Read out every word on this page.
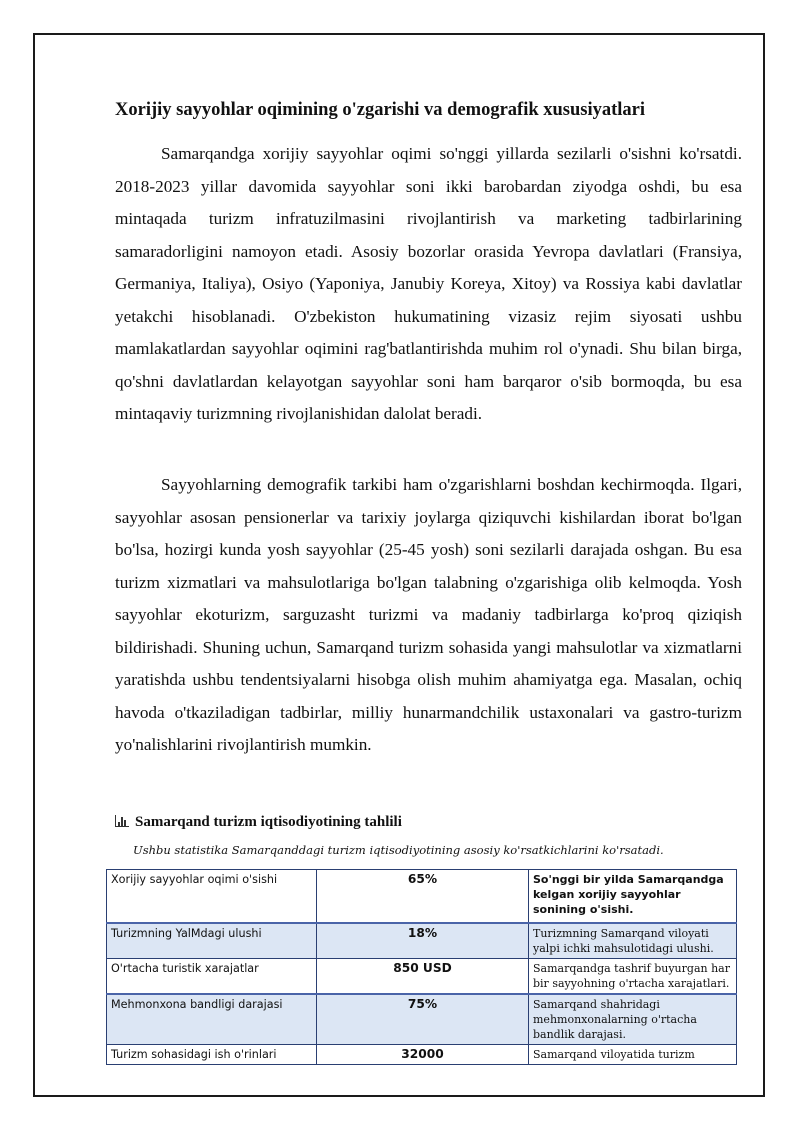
Xorijiy sayyohlar oqimining o'zgarishi va demografik xususiyatlari

Samarqandga xorijiy sayyohlar oqimi so'nggi yillarda sezilarli o'sishni ko'rsatdi. 2018-2023 yillar davomida sayyohlar soni ikki barobardan ziyodga oshdi, bu esa mintaqada turizm infratuzilmasini rivojlantirish va marketing tadbirlarining samaradorligini namoyon etadi. Asosiy bozorlar orasida Yevropa davlatlari (Fransiya, Germaniya, Italiya), Osiyo (Yaponiya, Janubiy Koreya, Xitoy) va Rossiya kabi davlatlar yetakchi hisoblanadi. O'zbekiston hukumatining vizasiz rejim siyosati ushbu mamlakatlardan sayyohlar oqimini rag'batlantirishda muhim rol o'ynadi. Shu bilan birga, qo'shni davlatlardan kelayotgan sayyohlar soni ham barqaror o'sib bormoqda, bu esa mintaqaviy turizmning rivojlanishidan dalolat beradi.

Sayyohlarning demografik tarkibi ham o'zgarishlarni boshdan kechirmoqda. Ilgari, sayyohlar asosan pensionerlar va tarixiy joylarga qiziquvchi kishilardan iborat bo'lgan bo'lsa, hozirgi kunda yosh sayyohlar (25-45 yosh) soni sezilarli darajada oshgan. Bu esa turizm xizmatlari va mahsulotlariga bo'lgan talabning o'zgarishiga olib kelmoqda. Yosh sayyohlar ekoturizm, sarguzasht turizmi va madaniy tadbirlarga ko'proq qiziqish bildirishadi. Shuning uchun, Samarqand turizm sohasida yangi mahsulotlar va xizmatlarni yaratishda ushbu tendentsiyalarni hisobga olish muhim ahamiyatga ega. Masalan, ochiq havoda o'tkaziladigan tadbirlar, milliy hunarmandchilik ustaxonalari va gastro-turizm yo'nalishlarini rivojlantirish mumkin.

Samarqand turizm iqtisodiyotining tahlili
Ushbu statistika Samarqanddagi turizm iqtisodiyotining asosiy ko'rsatkichlarini ko'rsatadi.
Xorijiy sayyohlar oqimi o'sishi	65%	So'nggi bir yilda Samarqandga kelgan xorijiy sayyohlar sonining o'sishi.
Turizmning YalMdagi ulushi	18%	Turizmning Samarqand viloyati yalpi ichki mahsulotidagi ulushi.
O'rtacha turistik xarajatlar	850 USD	Samarqandga tashrif buyurgan har bir sayyohning o'rtacha xarajatlari.
Mehmonxona bandligi darajasi	75%	Samarqand shahridagi mehmonxonalarning o'rtacha bandlik darajasi.
Turizm sohasidagi ish o'rinlari	32000	Samarqand viloyatida turizm
